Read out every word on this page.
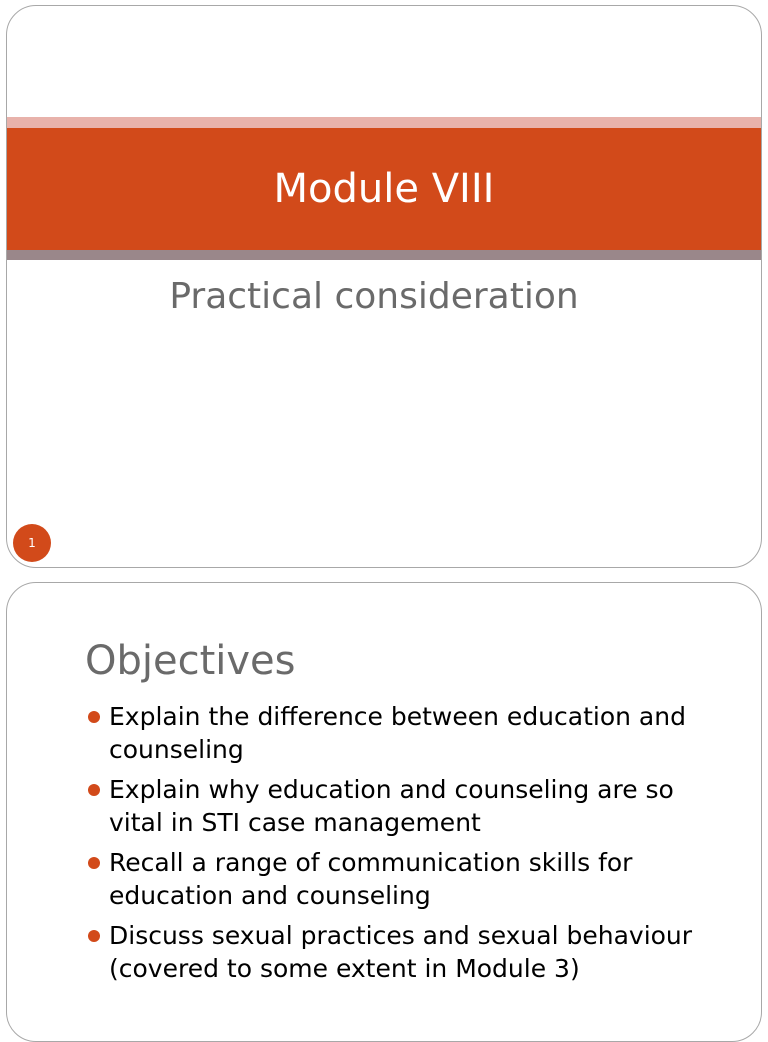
Module VIII
Practical consideration
1
Objectives
Explain the difference between education and counseling
Explain why education and counseling are so vital in STI case management
Recall a range of communication skills for education and counseling
Discuss sexual practices and sexual behaviour (covered to some extent in Module 3)
